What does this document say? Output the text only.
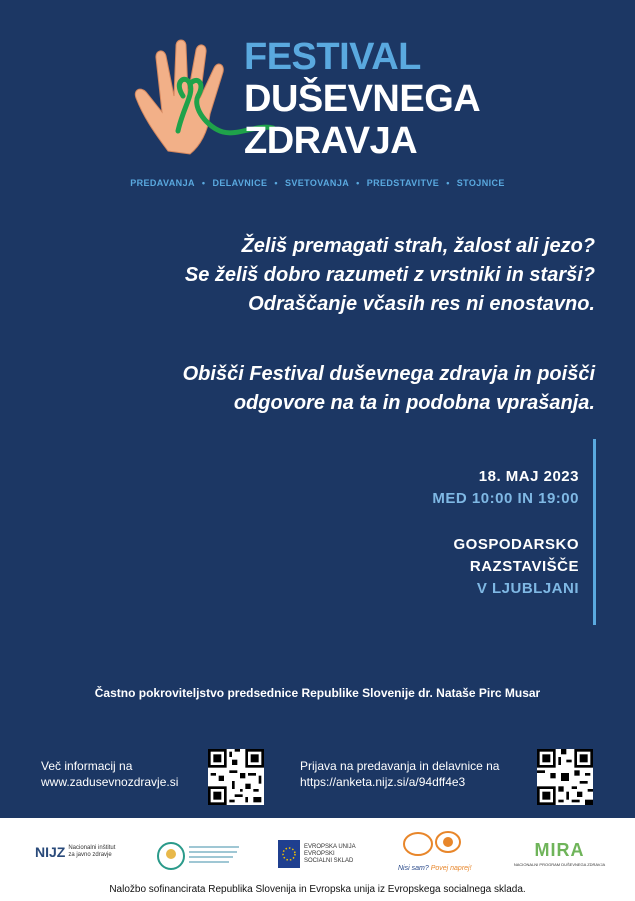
FESTIVAL
DUŠEVNEGA
ZDRAVJA
PREDAVANJA • DELAVNICE • SVETOVANJA • PREDSTAVITVE • STOJNICE
Želiš premagati strah, žalost ali jezo?
Se želiš dobro razumeti z vrstniki in starši?
Odraščanje včasih res ni enostavno.
Obišči Festival duševnega zdravja in poišči
odgovore na ta in podobna vprašanja.
18. MAJ 2023
MED 10:00 IN 19:00
GOSPODARSKO
RAZSTAVIŠČE
V LJUBLJANI
Častno pokroviteljstvo predsednice Republike Slovenije dr. Nataše Pirc Musar
Več informacij na
www.zadusevnozdravje.si
Prijava na predavanja in delavnice na
https://anketa.nijz.si/a/94dff4e3
NIJZ Nacionalni inštitut
za javno zdravje
EVROPSKA UNIJA
EVROPSKI
SOCIALNI SKLAD
Nisi sam? Povej naprej!
MIRA
NACIONALNI PROGRAM DUŠEVNEGA ZDRAVJA
Naložbo sofinancirata Republika Slovenija in Evropska unija iz Evropskega socialnega sklada.
